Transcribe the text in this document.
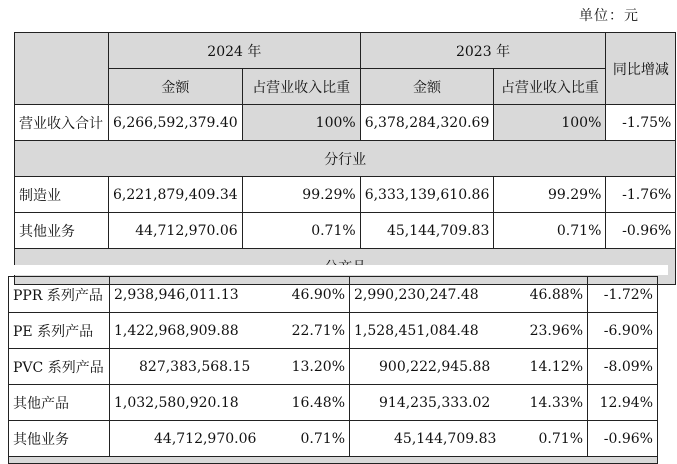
单位：元
	2024 年		2023 年		同比增减
	金额	占营业收入比重	金额	占营业收入比重	
营业收入合计	6,266,592,379.40	100%	6,378,284,320.69	100%	-1.75%
分行业					
制造业	6,221,879,409.34	99.29%	6,333,139,610.86	99.29%	-1.76%
其他业务	44,712,970.06	0.71%	45,144,709.83	0.71%	-0.96%

PPR 系列产品	2,938,946,011.13 46.90%	2,990,230,247.48 46.88%	-1.72%
PE 系列产品	1,422,968,909.88 22.71%	1,528,451,084.48 23.96%	-6.90%
PVC 系列产品	827,383,568.15 13.20%	900,222,945.88 14.12%	-8.09%
其他产品	1,032,580,920.18 16.48%	914,235,333.02 14.33%	12.94%
其他业务	44,712,970.06 0.71%	45,144,709.83 0.71%	-0.96%
